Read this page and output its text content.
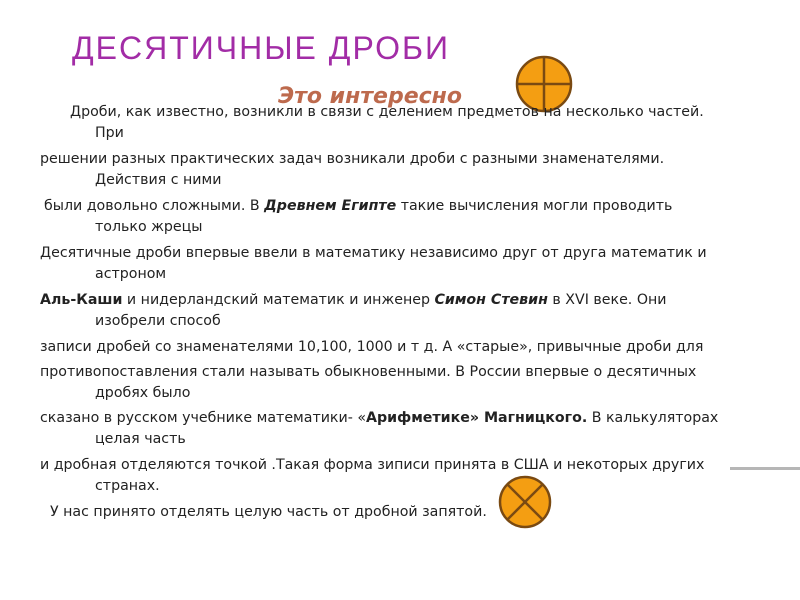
ДЕСЯТИЧНЫЕ ДРОБИ
Это интересно

Дроби, как известно, возникли в связи с делением предметов на несколько частей.
При

решении разных практических задач возникали дроби с разными знаменателями.
Действия с ними

были довольно сложными. В Древнем Египте такие вычисления могли проводить
только жрецы

Десятичные дроби впервые ввели в математику независимо друг от друга математик и
астроном

Аль-Каши и нидерландский математик и инженер Симон Стевин в XVI веке. Они
изобрели способ

записи дробей со знаменателями 10,100, 1000 и т д. А «старые», привычные дроби для

противопоставления стали называть обыкновенными. В России впервые о десятичных
дробях было

сказано в русском учебнике математики- «Арифметике» Магницкого. В калькуляторах
целая часть

и дробная отделяются точкой .Такая форма зиписи принята в США и некоторых других
странах.

У нас принято отделять целую часть от дробной запятой.
